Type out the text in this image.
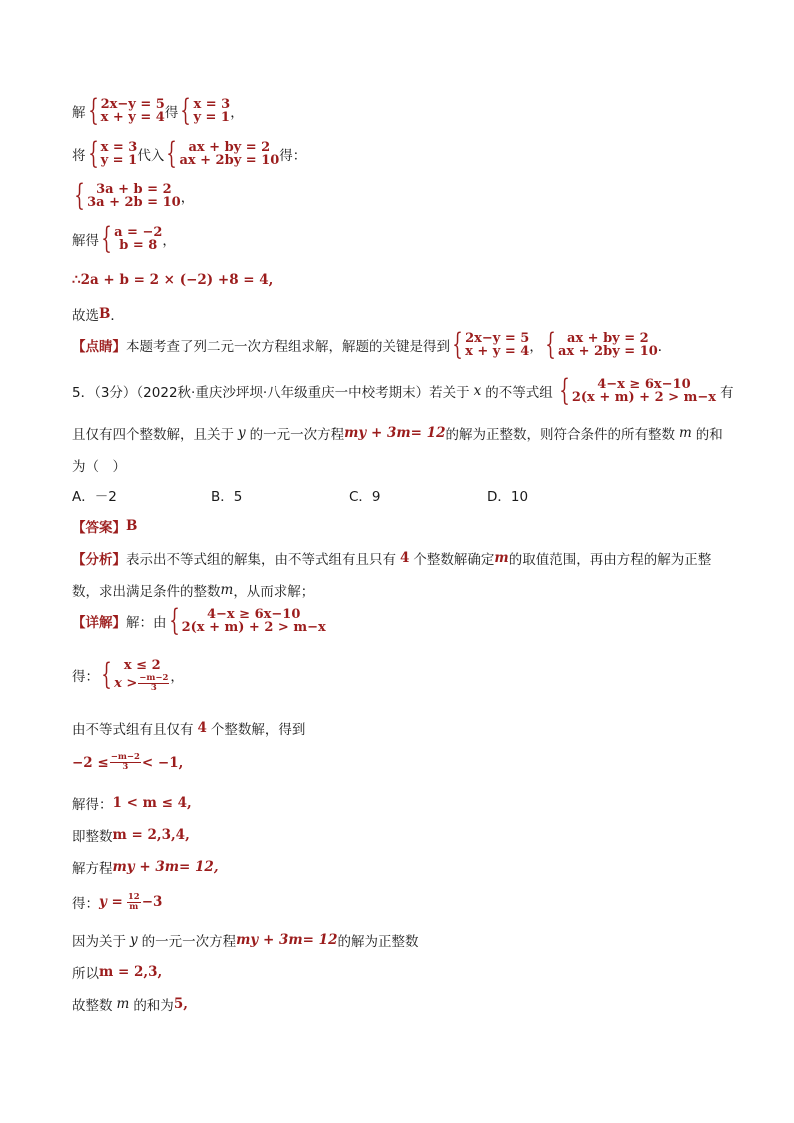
解 { 2x−y = 5
x + y = 4 得 { x = 3
y = 1 ，
将 { x = 3
y = 1 代入 { ax + by = 2
ax + 2by = 10 得：
{ 3a + b = 2
3a + 2b = 10 ，
解得 { a = −2
b = 8 ，
∴2a + b = 2 × (−2) +8 = 4,
故选 B ．
【点睛】 本题考查了列二元一次方程组求解，解题的关键是得到 { 2x−y = 5
x + y = 4 ， { ax + by = 2
ax + 2by = 10 ．
5．（3分）（2022秋·重庆沙坪坝·八年级重庆一中校考期末）若关于 x 的不等式组 { 4−x ≥ 6x−10
2(x + m) + 2 > m−x 有
且仅有四个整数解，且关于 y 的一元一次方程 my + 3m= 12 的解为正整数，则符合条件的所有整数 m 的和
为（　）
A．－2	B．5	C．9	D．10
【答案】 B
【分析】 表示出不等式组的解集，由不等式组有且只有 4 个整数解确定 m 的取值范围，再由方程的解为正整
数，求出满足条件的整数 m ，从而求解；
【详解】 解：由 { 4−x ≥ 6x−10
2(x + m) + 2 > m−x
得： { x ≤ 2
$x > \frac{-m-2}{3}$ ，
由不等式组有且仅有 4 个整数解，得到
$-2 \le \frac{-m-2}{3} < -1$,
解得： 1 < m ≤ 4,
即整数 m = 2,3,4,
解方程 my + 3m= 12,
得： $y = \frac{12}{m} -3$
因为关于 y 的一元一次方程 my + 3m= 12 的解为正整数
所以 m = 2,3,
故整数 m 的和为 5,
